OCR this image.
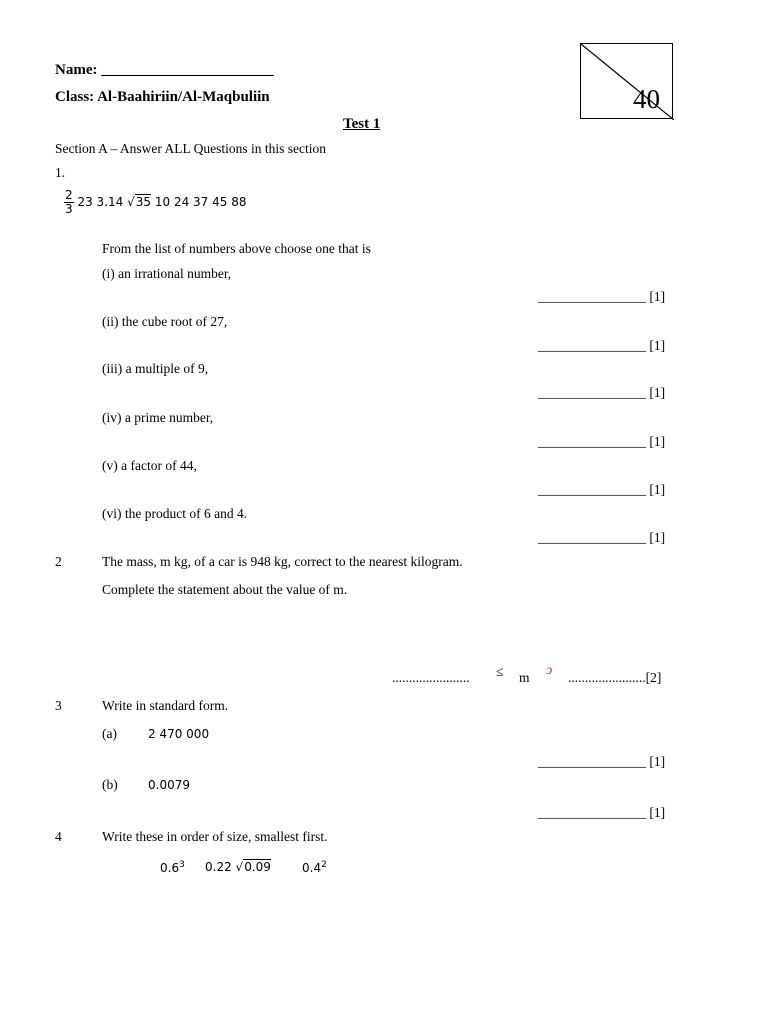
Name: _______________________
Class: Al-Baahiriin/Al-Maqbuliin	40
Test 1
Section A – Answer ALL Questions in this section
1.
$\frac{2}{3} 23$ 3.14 √35 10 24 37 45 88
From the list of numbers above choose one that is
(i) an irrational number,
________________ [1]
(ii) the cube root of 27,
________________ [1]
(iii) a multiple of 9,
________________ [1]
(iv) a prime number,
________________ [1]
(v) a factor of 44,
________________ [1]
(vi) the product of 6 and 4.
________________ [1]
2	The mass, m kg, of a car is 948 kg, correct to the nearest kilogram.
Complete the statement about the value of m.
....................... ≤ m ↄ .......................[2]
3	Write in standard form.
(a)	2 470 000
________________ [1]
(b)	0.0079
________________ [1]
4	Write these in order of size, smallest first.
$0.6^3$ 0.22 √0.09	$0.4^2$
